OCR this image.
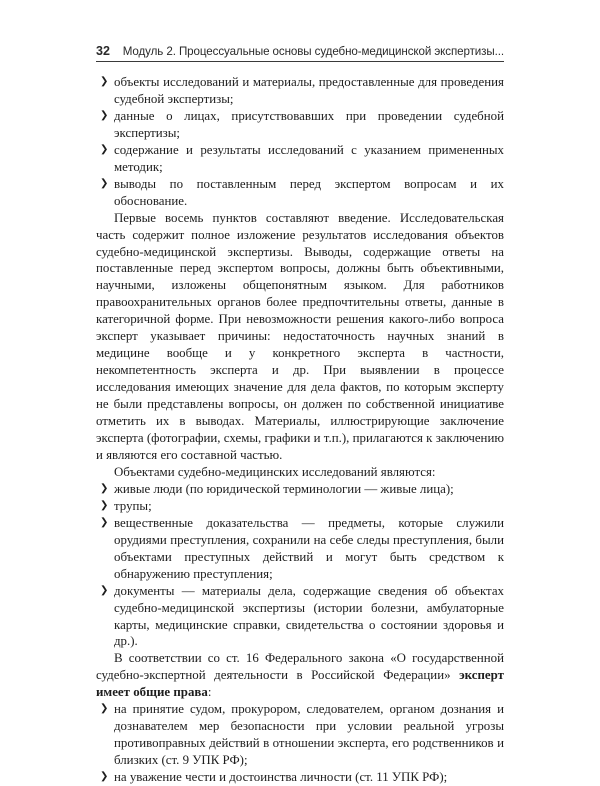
32 Модуль 2. Процессуальные основы судебно-медицинской экспертизы...
❯ объекты исследований и материалы, предоставленные для проведения судебной экспертизы;
❯ данные о лицах, присутствовавших при проведении судебной экспертизы;
❯ содержание и результаты исследований с указанием примененных методик;
❯ выводы по поставленным перед экспертом вопросам и их обоснование.

Первые восемь пунктов составляют введение. Исследовательская часть содержит полное изложение результатов исследования объектов судебно-медицинской экспертизы. Выводы, содержащие ответы на поставленные перед экспертом вопросы, должны быть объективными, научными, изложены общепонятным языком. Для работников правоохранительных органов более предпочтительны ответы, данные в категоричной форме. При невозможности решения какого-либо вопроса эксперт указывает причины: недостаточность научных знаний в медицине вообще и у конкретного эксперта в частности, некомпетентность эксперта и др. При выявлении в процессе исследования имеющих значение для дела фактов, по которым эксперту не были представлены вопросы, он должен по собственной инициативе отметить их в выводах. Материалы, иллюстрирующие заключение эксперта (фотографии, схемы, графики и т.п.), прилагаются к заключению и являются его составной частью.

Объектами судебно-медицинских исследований являются:

❯ живые люди (по юридической терминологии — живые лица);
❯ трупы;
❯ вещественные доказательства — предметы, которые служили орудиями преступления, сохранили на себе следы преступления, были объектами преступных действий и могут быть средством к обнаружению преступления;
❯ документы — материалы дела, содержащие сведения об объектах судебно-медицинской экспертизы (истории болезни, амбулаторные карты, медицинские справки, свидетельства о состоянии здоровья и др.).

В соответствии со ст. 16 Федерального закона «О государственной судебно-экспертной деятельности в Российской Федерации» эксперт имеет общие права:

❯ на принятие судом, прокурором, следователем, органом дознания и дознавателем мер безопасности при условии реальной угрозы противоправных действий в отношении эксперта, его родственников и близких (ст. 9 УПК РФ);
❯ на уважение чести и достоинства личности (ст. 11 УПК РФ);
